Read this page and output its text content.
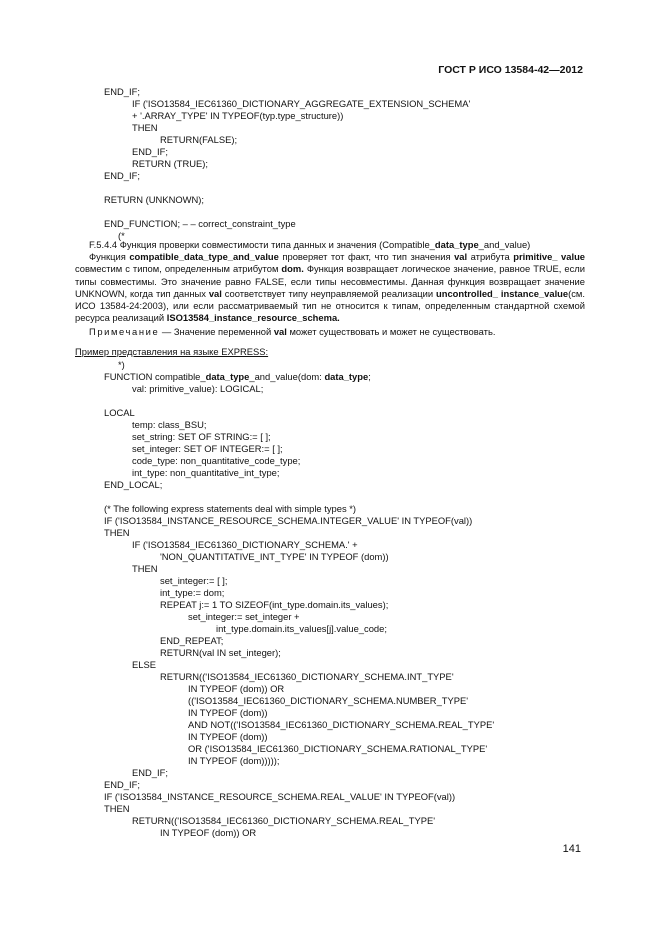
ГОСТ Р ИСО 13584-42—2012
END_IF;
IF ('ISO13584_IEC61360_DICTIONARY_AGGREGATE_EXTENSION_SCHEMA'
+ '.ARRAY_TYPE' IN TYPEOF(typ.type_structure))
THEN
RETURN(FALSE);
END_IF;
RETURN (TRUE);
END_IF;
RETURN (UNKNOWN);
END_FUNCTION; – – correct_constraint_type
(*
F.5.4.4 Функция проверки совместимости типа данных и значения (Compatible_data_type_and_value)
Функция compatible_data_type_and_value проверяет тот факт, что тип значения val атрибута primitive_ value совместим с типом, определенным атрибутом dom. Функция возвращает логическое значение, равное TRUE, если типы совместимы. Это значение равно FALSE, если типы несовместимы. Данная функция возвращает значение UNKNOWN, когда тип данных val соответствует типу неуправляемой реализации uncontrolled_ instance_value(см. ИСО 13584-24:2003), или если рассматриваемый тип не относится к типам, определенным стандартной схемой ресурса реализаций ISO13584_instance_resource_schema.
Примечание — Значение переменной val может существовать и может не существовать.
Пример представления на языке EXPRESS:
*)
FUNCTION compatible_data_type_and_value(dom: data_type;
val: primitive_value): LOGICAL;
LOCAL
temp: class_BSU;
set_string: SET OF STRING:= [ ];
set_integer: SET OF INTEGER:= [ ];
code_type: non_quantitative_code_type;
int_type: non_quantitative_int_type;
END_LOCAL;
(* The following express statements deal with simple types *)
IF ('ISO13584_INSTANCE_RESOURCE_SCHEMA.INTEGER_VALUE' IN TYPEOF(val))
THEN
IF ('ISO13584_IEC61360_DICTIONARY_SCHEMA.' +
'NON_QUANTITATIVE_INT_TYPE' IN TYPEOF (dom))
THEN
set_integer:= [ ];
int_type:= dom;
REPEAT j:= 1 TO SIZEOF(int_type.domain.its_values);
set_integer:= set_integer +
int_type.domain.its_values[j].value_code;
END_REPEAT;
RETURN(val IN set_integer);
ELSE
RETURN(('ISO13584_IEC61360_DICTIONARY_SCHEMA.INT_TYPE'
IN TYPEOF (dom)) OR
(('ISO13584_IEC61360_DICTIONARY_SCHEMA.NUMBER_TYPE'
IN TYPEOF (dom))
AND NOT(('ISO13584_IEC61360_DICTIONARY_SCHEMA.REAL_TYPE'
IN TYPEOF (dom))
OR ('ISO13584_IEC61360_DICTIONARY_SCHEMA.RATIONAL_TYPE'
IN TYPEOF (dom)))));
END_IF;
END_IF;
IF ('ISO13584_INSTANCE_RESOURCE_SCHEMA.REAL_VALUE' IN TYPEOF(val))
THEN
RETURN(('ISO13584_IEC61360_DICTIONARY_SCHEMA.REAL_TYPE'
IN TYPEOF (dom)) OR
141
